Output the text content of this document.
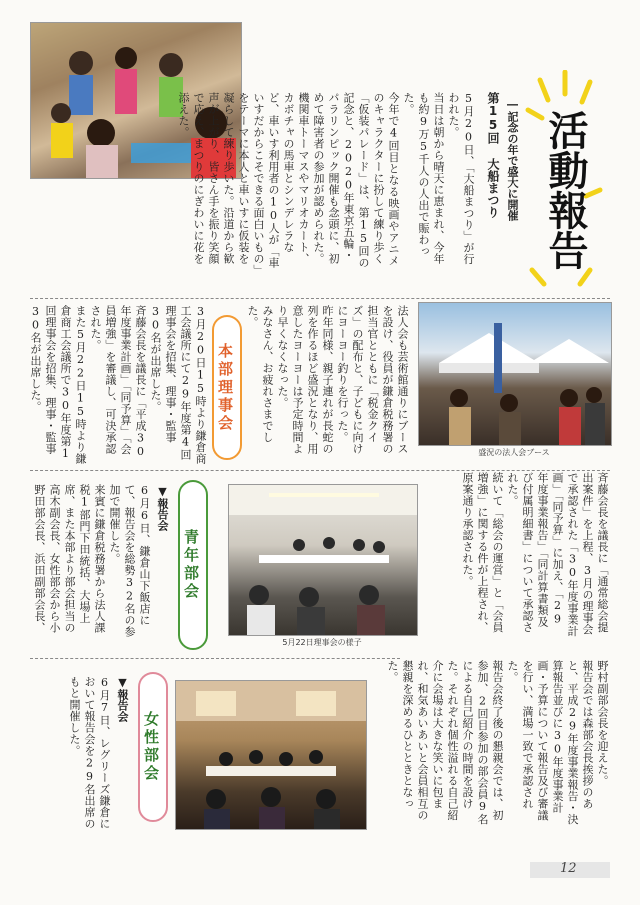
5月20日、「大船まつり」が行われた。
当日は朝から晴天に恵まれ、今年も約9万5千人の人出で賑わった。
今年で4回目となる映画やアニメのキャラクターに扮して練り歩く「仮装パレード」は、第15回の記念と、2020年東京五輪・パラリンピック開催も念頭に、初めて障害者の参加が認められた。
機関車トーマスやマリオカート、カボチャの馬車とシンデレラなど、車いす利用者の10人が「車いすだからこそできる面白いもの」をテーマに本人と車いすに仮装を凝らして練り歩いた。沿道から歓声が上がり、皆さん手を振り笑顔で応え、まつりのにぎわいに花を添えた。	第15回 大船まつり ―記念の年で盛大に開催 活動報告
盛況の法人会ブース
法人会も芸術館通りにブースを設け、役員が鎌倉税務署の担当官とともに「税金クイズ」の配布と、子どもに向けにヨーヨー釣りを行った。
昨年同様、親子連れが長蛇の列を作るほど盛況となり、用意したヨーヨーは予定時間より早くなくなった。
みなさん、お疲れさまでした。
本部理事会
3月20日15時より鎌倉商工会議所にて29年度第4回理事会を招集、理事・監事30名が出席した。
斉藤会長を議長に「平成30年度事業計画」「同予算」「会員増強」を審議し、可決承認された。
また5月22日15時より鎌倉商工会議所で30年度第1回理事会を招集、理事・監事30名が出席した。
斉藤会長を議長に「通常総会提出案件」を上程、3月の理事会で承認された「30年度事業計画」「同予算」に加え、「29年度事業報告」「同計算書類及び付属明細書」について承認された。
続いて「総会の運営」と「会員増強」に関する件が上程され、原案通り承認された。
5月22日理事会の様子
青年部会
▼報告会
6月6日、鎌倉山下飯店にて、報告会を総勢32名の参加で開催した。
来賓に鎌倉税務署から法人課税1部門下田統括、大場上席、また本部より部会担当の高木副会長、女性部会から小野田部会長、浜田副部会長、
野村副部会長を迎えた。
報告会では森部会長挨拶のあと、平成29年度事業報告・決算報告並びに30年度事業計画・予算について報告及び審議を行い、満場一致で承認された。
報告会終了後の懇親会では、初参加、2回目参加の部会員9名による自己紹介の時間を設けた。それぞれ個性溢れる自己紹介に会場は大きな笑いに包まれ、和気あいあいと会員相互の懇親を深めるひとときとなった。
女性部会
▼報告会
6月7日、レグリーズ鎌倉において報告会を29名出席のもと開催した。
12
